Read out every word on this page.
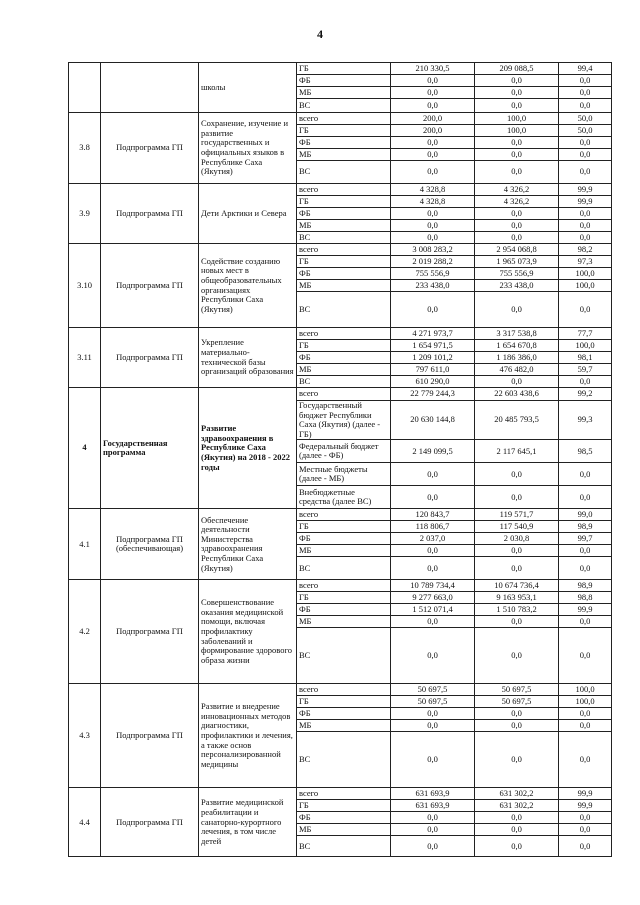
4
		школы	ГБ	210 330,5	209 088,5	99,4
			ФБ	0,0	0,0	0,0
			МБ	0,0	0,0	0,0
			ВС	0,0	0,0	0,0
3.8	Подпрограмма ГП	Сохранение, изучение и развитие государственных и официальных языков в Республике Саха (Якутия)	всего	200,0	100,0	50,0
			ГБ	200,0	100,0	50,0
			ФБ	0,0	0,0	0,0
			МБ	0,0	0,0	0,0
			ВС	0,0	0,0	0,0
3.9	Подпрограмма ГП	Дети Арктики и Севера	всего	4 328,8	4 326,2	99,9
			ГБ	4 328,8	4 326,2	99,9
			ФБ	0,0	0,0	0,0
			МБ	0,0	0,0	0,0
			ВС	0,0	0,0	0,0
3.10	Подпрограмма ГП	Содействие созданию новых мест в общеобразовательных организациях Республики Саха (Якутия)	всего	3 008 283,2	2 954 068,8	98,2
			ГБ	2 019 288,2	1 965 073,9	97,3
			ФБ	755 556,9	755 556,9	100,0
			МБ	233 438,0	233 438,0	100,0
			ВС	0,0	0,0	0,0
3.11	Подпрограмма ГП	Укрепление материально-технической базы организаций образования	всего	4 271 973,7	3 317 538,8	77,7
			ГБ	1 654 971,5	1 654 670,8	100,0
			ФБ	1 209 101,2	1 186 386,0	98,1
			МБ	797 611,0	476 482,0	59,7
			ВС	610 290,0	0,0	0,0
4	Государственная программа	Развитие здравоохранения в Республике Саха (Якутия) на 2018 - 2022 годы	всего	22 779 244,3	22 603 438,6	99,2
			Государственный бюджет Республики Саха (Якутия) (далее - ГБ)	20 630 144,8	20 485 793,5	99,3
			Федеральный бюджет (далее - ФБ)	2 149 099,5	2 117 645,1	98,5
			Местные бюджеты (далее - МБ)	0,0	0,0	0,0
			Внебюджетные средства (далее ВС)	0,0	0,0	0,0
4.1	Подпрограмма ГП (обеспечивающая)	Обеспечение деятельности Министерства здравоохранения Республики Саха (Якутия)	всего	120 843,7	119 571,7	99,0
			ГБ	118 806,7	117 540,9	98,9
			ФБ	2 037,0	2 030,8	99,7
			МБ	0,0	0,0	0,0
			ВС	0,0	0,0	0,0
4.2	Подпрограмма ГП	Совершенствование оказания медицинской помощи, включая профилактику заболеваний и формирование здорового образа жизни	всего	10 789 734,4	10 674 736,4	98,9
			ГБ	9 277 663,0	9 163 953,1	98,8
			ФБ	1 512 071,4	1 510 783,2	99,9
			МБ	0,0	0,0	0,0
			ВС	0,0	0,0	0,0
4.3	Подпрограмма ГП	Развитие и внедрение инновационных методов диагностики, профилактики и лечения, а также основ персонализированной медицины	всего	50 697,5	50 697,5	100,0
			ГБ	50 697,5	50 697,5	100,0
			ФБ	0,0	0,0	0,0
			МБ	0,0	0,0	0,0
			ВС	0,0	0,0	0,0
4.4	Подпрограмма ГП	Развитие медицинской реабилитации и санаторно-курортного лечения, в том числе детей	всего	631 693,9	631 302,2	99,9
			ГБ	631 693,9	631 302,2	99,9
			ФБ	0,0	0,0	0,0
			МБ	0,0	0,0	0,0
			ВС	0,0	0,0	0,0
